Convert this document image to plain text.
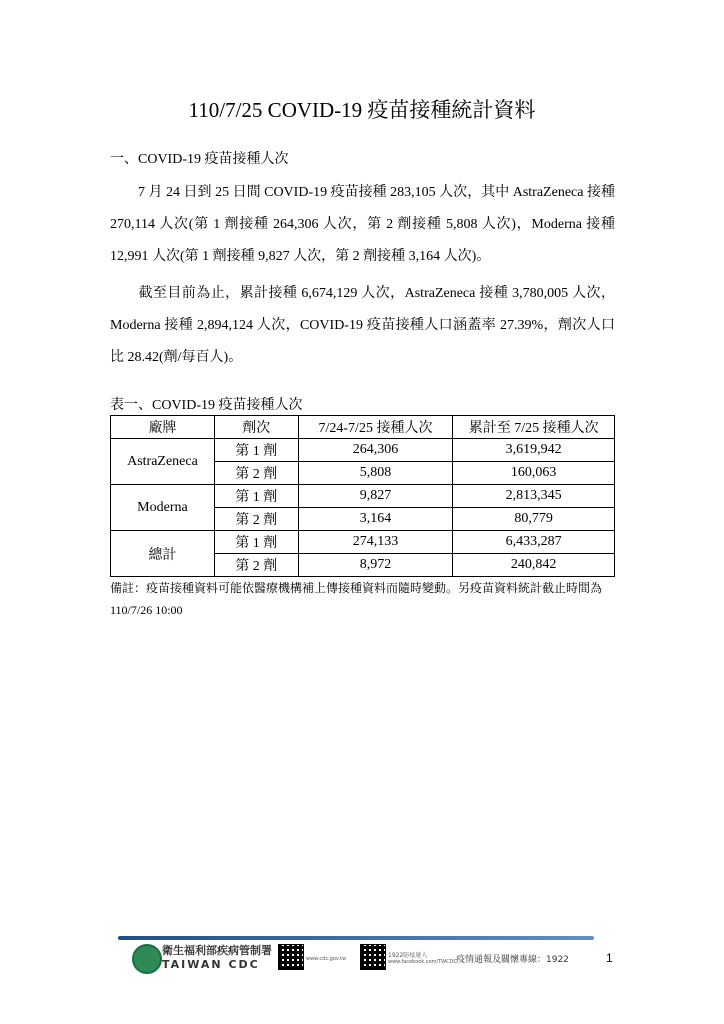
110/7/25 COVID-19 疫苗接種統計資料
一、COVID-19 疫苗接種人次
7 月 24 日到 25 日間 COVID-19 疫苗接種 283,105 人次，其中 AstraZeneca 接種 270,114 人次(第 1 劑接種 264,306 人次，第 2 劑接種 5,808 人次)，Moderna 接種 12,991 人次(第 1 劑接種 9,827 人次，第 2 劑接種 3,164 人次)。
截至目前為止，累計接種 6,674,129 人次，AstraZeneca 接種 3,780,005 人次，Moderna 接種 2,894,124 人次，COVID-19 疫苗接種人口涵蓋率 27.39%，劑次人口比 28.42(劑/每百人)。
表一、COVID-19 疫苗接種人次
廠牌	劑次	7/24-7/25 接種人次	累計至 7/25 接種人次
AstraZeneca	第 1 劑	264,306	3,619,942
	第 2 劑	5,808	160,063
Moderna	第 1 劑	9,827	2,813,345
	第 2 劑	3,164	80,779
總計	第 1 劑	274,133	6,433,287
	第 2 劑	8,972	240,842
備註：疫苗接種資料可能依醫療機構補上傳接種資料而隨時變動。另疫苗資料統計截止時間為 110/7/26 10:00
衛生福利部疾病管制署
TAIWAN CDC	www.cdc.gov.tw	1922防疫達人
www.facebook.com/TWCDC
疫情通報及關懷專線：1922	1
